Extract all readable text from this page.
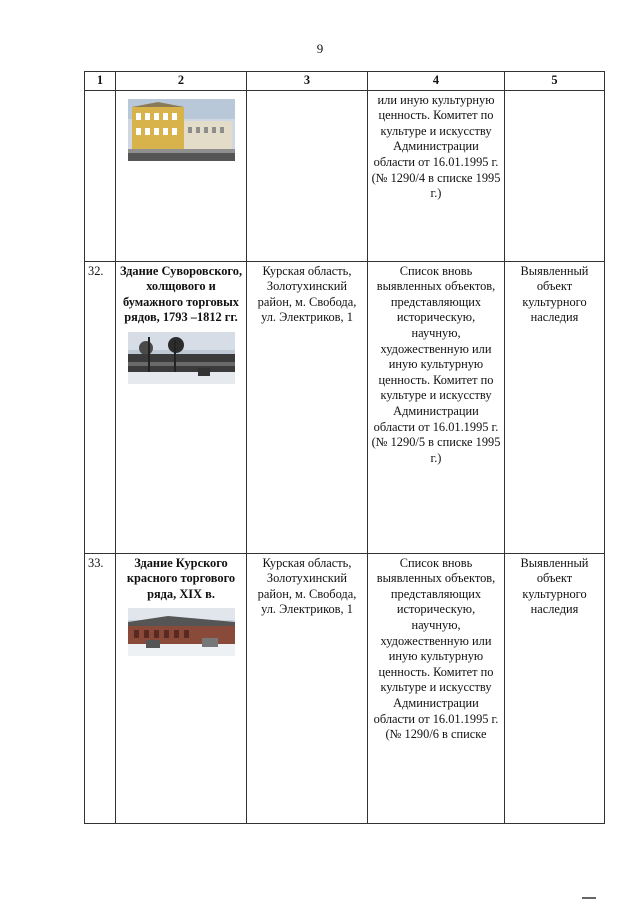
9
1	2	3	4	5

		или иную культурную ценность. Комитет по культуре и искусству Администрации области от 16.01.1995 г. (№ 1290/4 в списке 1995 г.)	
32.	Здание Суворовского, холщового и бумажного торговых рядов, 1793 –1812 гг.	Курская область, Золотухинский район, м. Свобода, ул. Электриков, 1	Список вновь выявленных объектов, представляющих историческую, научную, художественную или иную культурную ценность. Комитет по культуре и искусству Администрации области от 16.01.1995 г. (№ 1290/5 в списке 1995 г.)	Выявленный объект культурного наследия
33.	Здание Курского красного торгового ряда, XIX в.	Курская область, Золотухинский район, м. Свобода, ул. Электриков, 1	Список вновь выявленных объектов, представляющих историческую, научную, художественную или иную культурную ценность. Комитет по культуре и искусству Администрации области от 16.01.1995 г. (№ 1290/6 в списке	Выявленный объект культурного наследия
